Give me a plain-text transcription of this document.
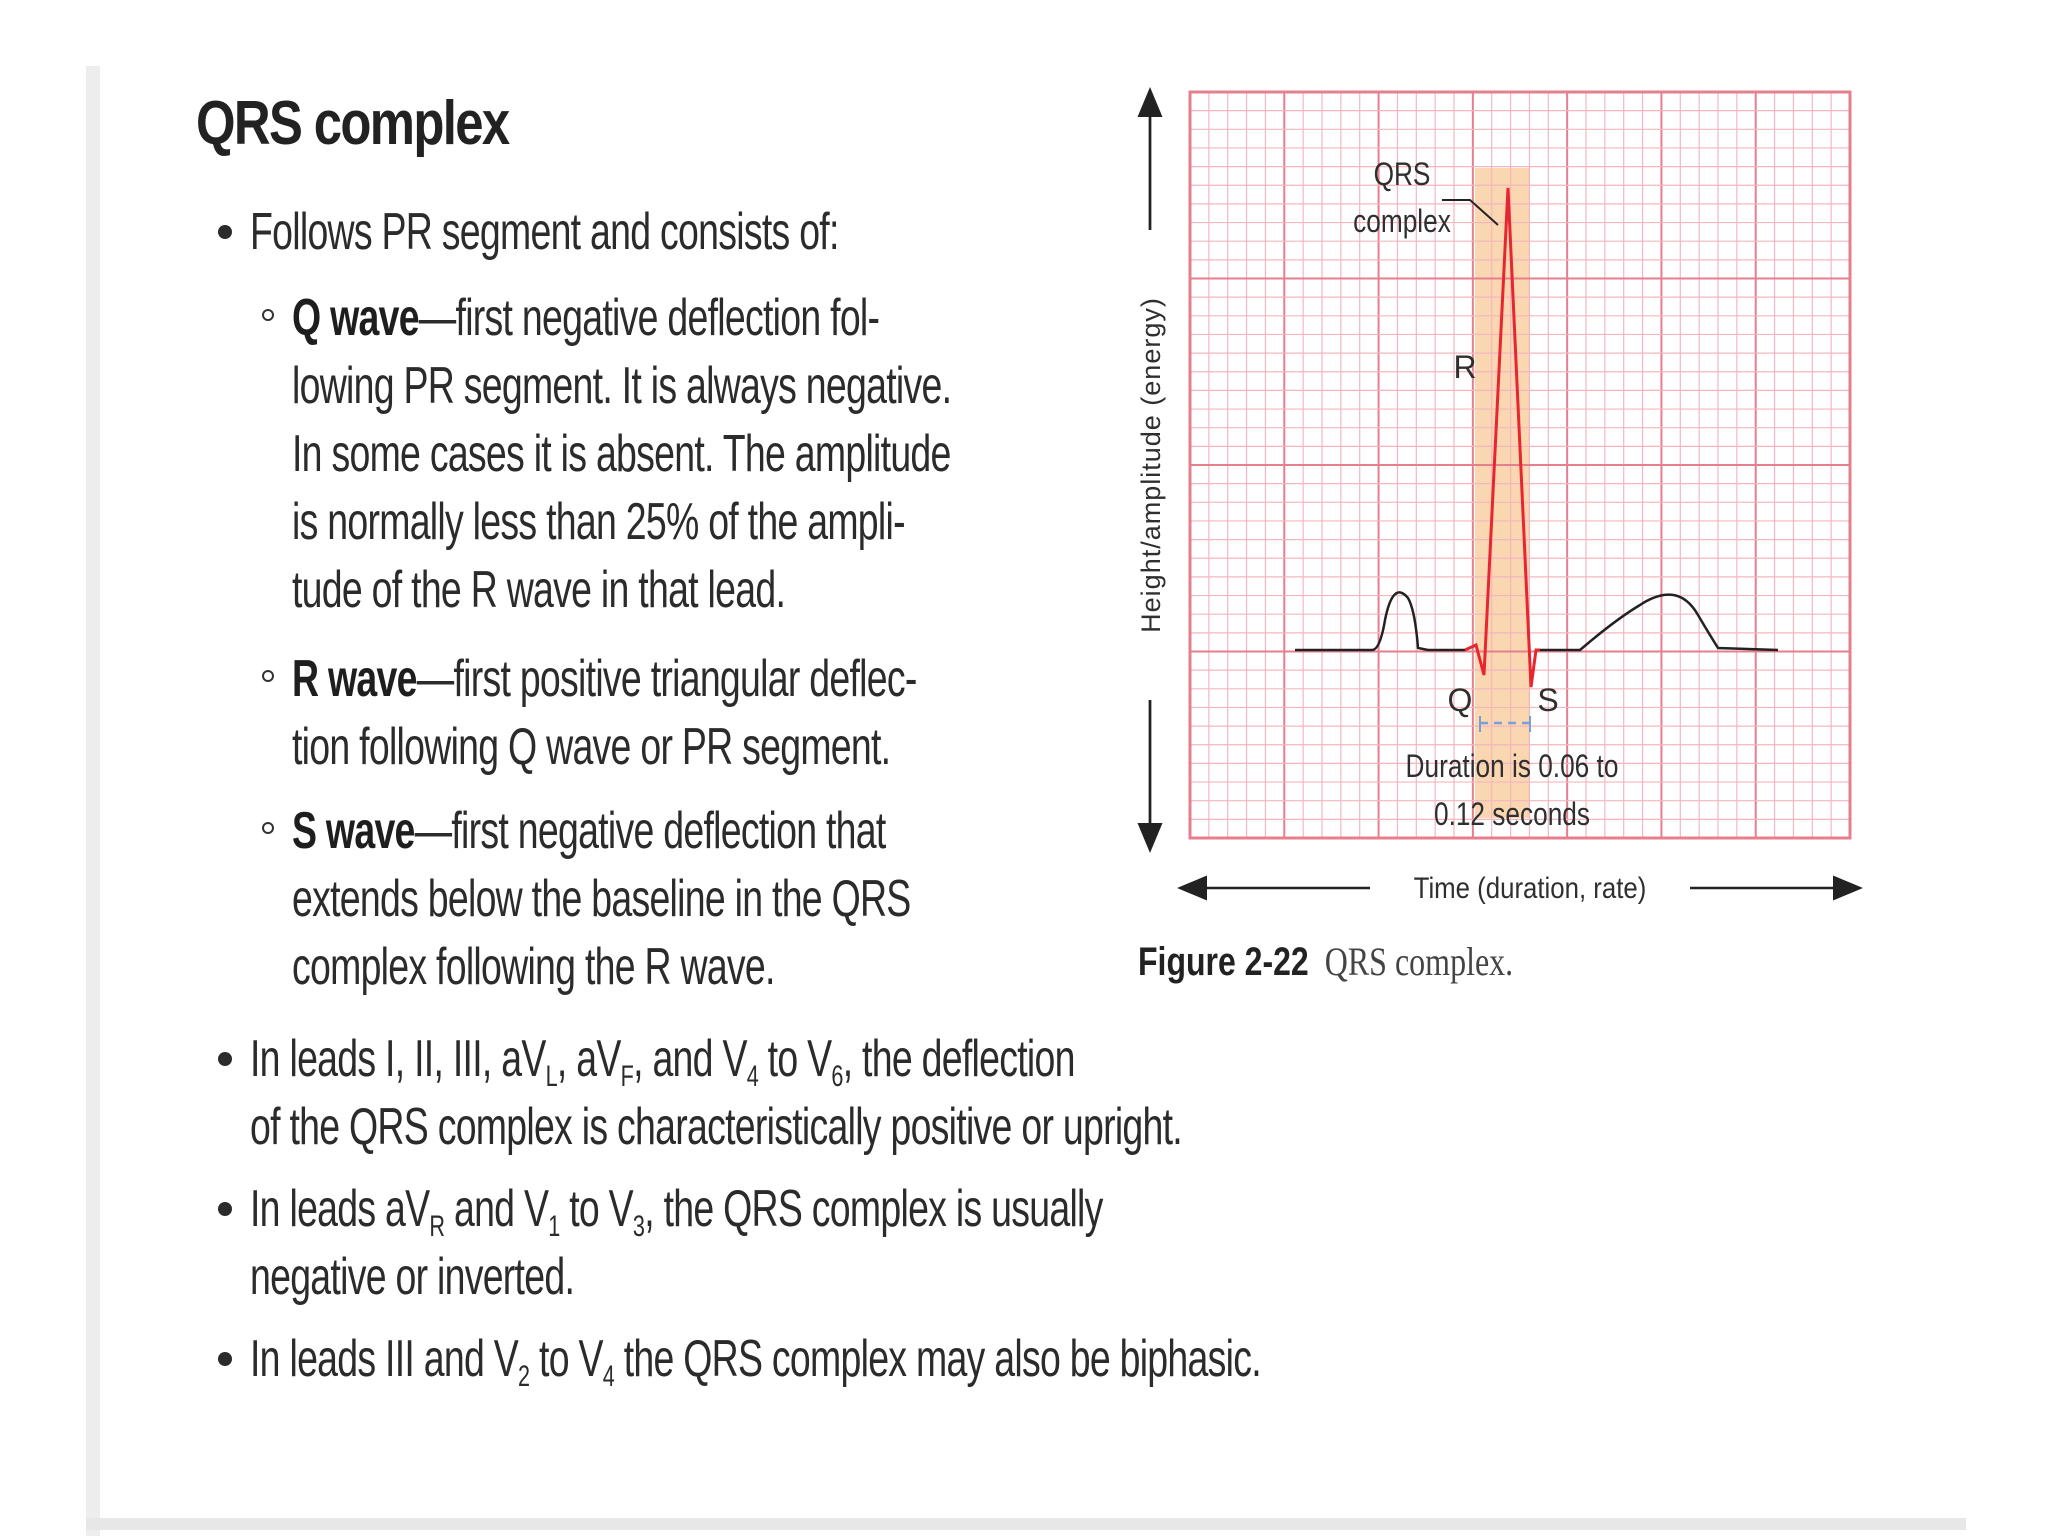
QRS complex
Follows PR segment and consists of:
Q wave—first negative deflection fol-
lowing PR segment. It is always negative.
In some cases it is absent. The amplitude
is normally less than 25% of the ampli-
tude of the R wave in that lead.
R wave—first positive triangular deflec-
tion following Q wave or PR segment.
S wave—first negative deflection that
extends below the baseline in the QRS
complex following the R wave.
In leads I, II, III, $aV_L$, $aV_F$, and $V_4$ to $V_6$, the deflection
of the QRS complex is characteristically positive or upright.
In leads $aV_R$ and $V_1$ to $V_3$, the QRS complex is usually
negative or inverted.
In leads III and $V_2$ to $V_4$ the QRS complex may also be biphasic.
Height/amplitude (energy)
Time (duration, rate)
QRS
complex
R
Q S
Duration is 0.06 to
0.12 seconds
Figure 2-22 QRS complex.
